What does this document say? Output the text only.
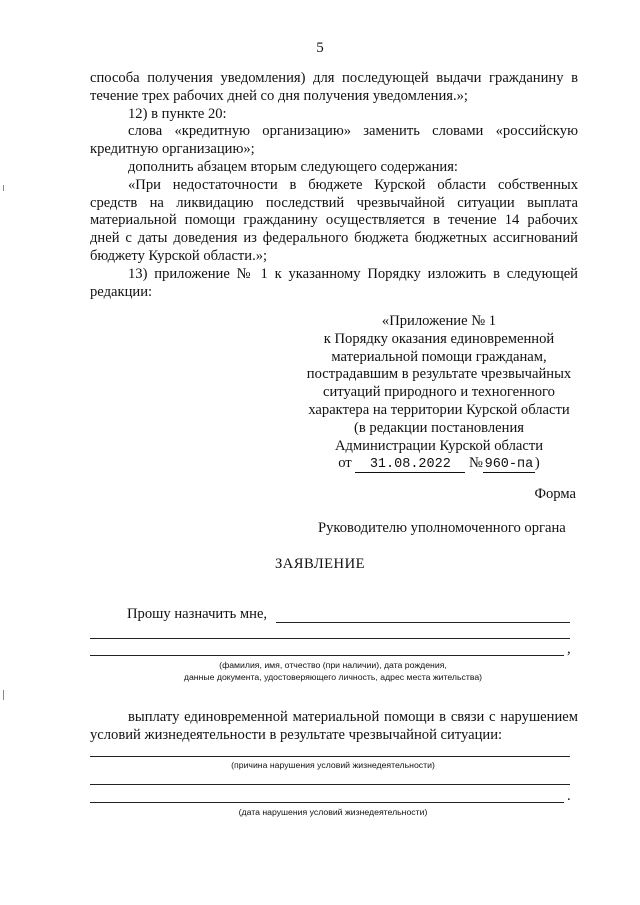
5

способа получения уведомления) для последующей выдачи гражданину в течение трех рабочих дней со дня получения уведомления.»;

12) в пункте 20:

слова «кредитную организацию» заменить словами «российскую кредитную организацию»;

дополнить абзацем вторым следующего содержания:

«При недостаточности в бюджете Курской области собственных средств на ликвидацию последствий чрезвычайной ситуации выплата материальной помощи гражданину осуществляется в течение 14 рабочих дней с даты доведения из федерального бюджета бюджетных ассигнований бюджету Курской области.»;

13) приложение № 1 к указанному Порядку изложить в следующей редакции:

«Приложение № 1
к Порядку оказания единовременной
материальной помощи гражданам,
пострадавшим в результате чрезвычайных
ситуаций природного и техногенного
характера на территории Курской области
(в редакции постановления
Администрации Курской области
от 31.08.2022 № 960-па )
Форма
Руководителю уполномоченного органа
ЗАЯВЛЕНИЕ
Прошу назначить мне,
,
(фамилия, имя, отчество (при наличии), дата рождения,
данные документа, удостоверяющего личность, адрес места жительства)
выплату единовременной материальной помощи в связи с нарушением условий жизнедеятельности в результате чрезвычайной ситуации:
(причина нарушения условий жизнедеятельности)
.
(дата нарушения условий жизнедеятельности)
